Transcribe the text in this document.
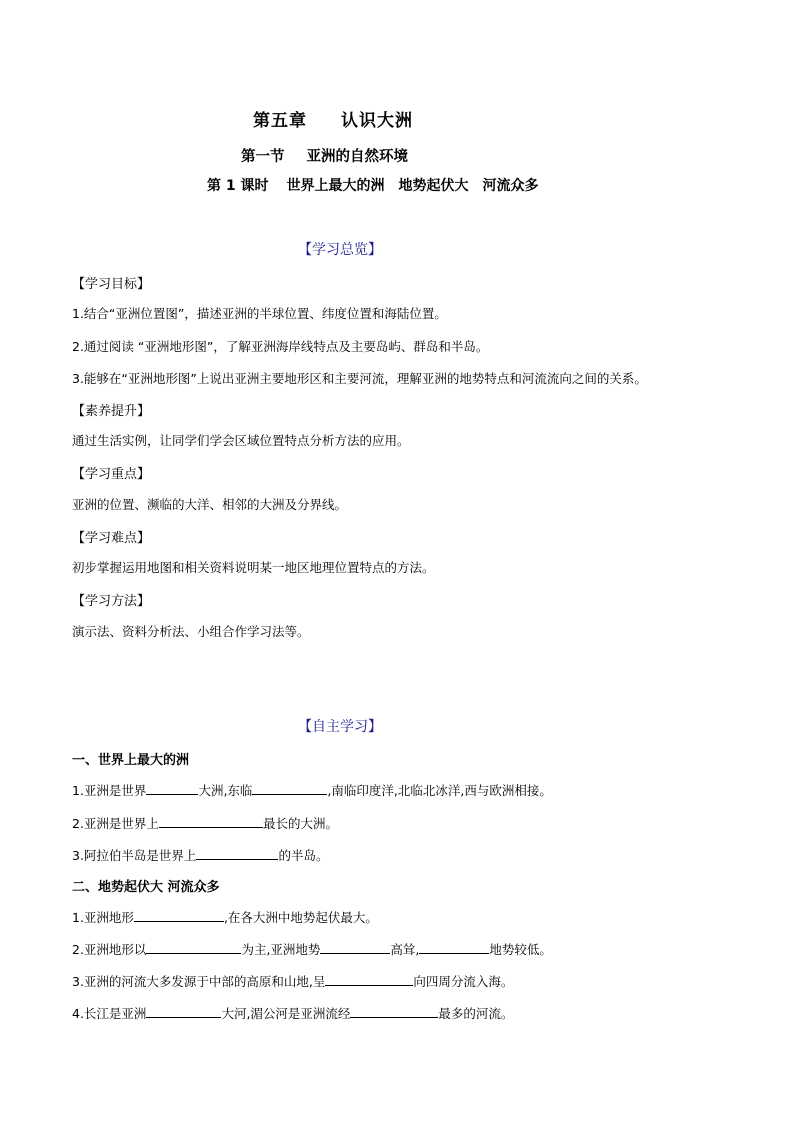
第五章 认识大洲
第一节 亚洲的自然环境
第 1 课时 世界上最大的洲　地势起伏大　河流众多
【学习总览】
【学习目标】
1.结合“亚洲位置图”，描述亚洲的半球位置、纬度位置和海陆位置。
2.通过阅读 “亚洲地形图”，了解亚洲海岸线特点及主要岛屿、群岛和半岛。
3.能够在“亚洲地形图”上说出亚洲主要地形区和主要河流，理解亚洲的地势特点和河流流向之间的关系。
【素养提升】
通过生活实例，让同学们学会区域位置特点分析方法的应用。
【学习重点】
亚洲的位置、濒临的大洋、相邻的大洲及分界线。
【学习难点】
初步掌握运用地图和相关资料说明某一地区地理位置特点的方法。
【学习方法】
演示法、资料分析法、小组合作学习法等。
【自主学习】
一、世界上最大的洲
1.亚洲是世界	大洲,东临	,南临印度洋,北临北冰洋,西与欧洲相接。
2.亚洲是世界上	最长的大洲。
3.阿拉伯半岛是世界上	的半岛。
二、地势起伏大 河流众多
1.亚洲地形	,在各大洲中地势起伏最大。
2.亚洲地形以	为主,亚洲地势	高耸,	地势较低。
3.亚洲的河流大多发源于中部的高原和山地,呈	向四周分流入海。
4.长江是亚洲	大河,湄公河是亚洲流经	最多的河流。
